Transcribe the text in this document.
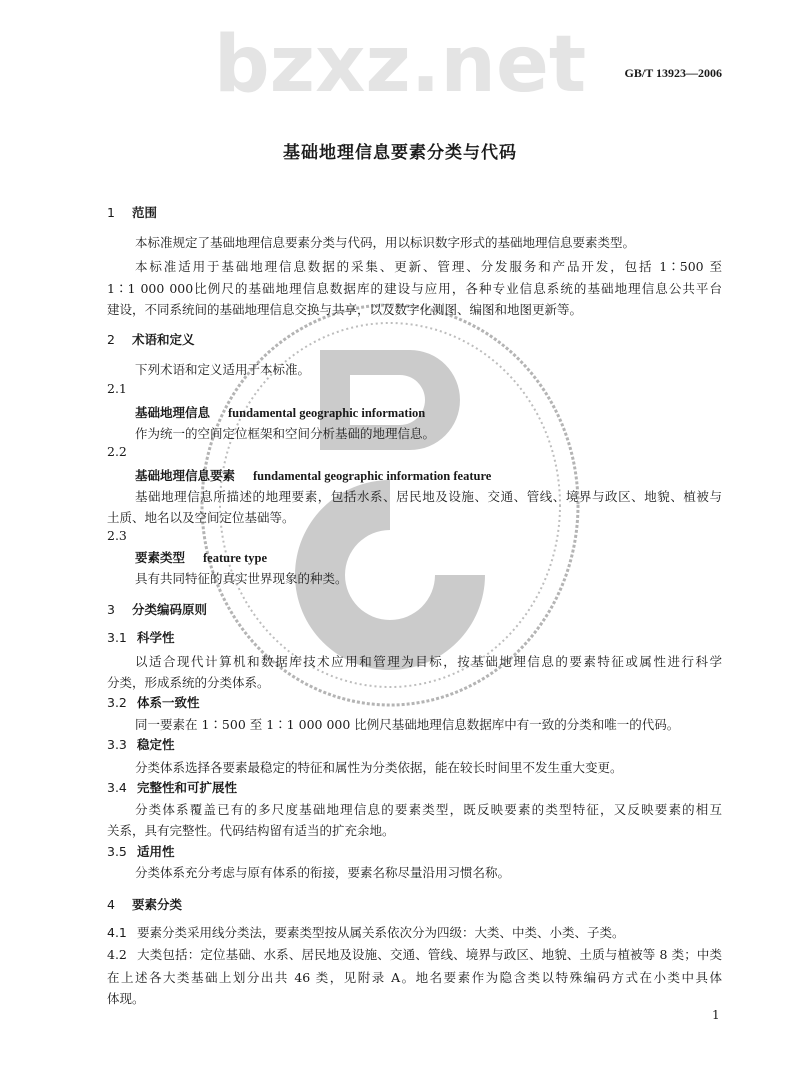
bzxz.net	GB/T 13923—2006
基础地理信息要素分类与代码
1 范围
本标准规定了基础地理信息要素分类与代码，用以标识数字形式的基础地理信息要素类型。
本标准适用于基础地理信息数据的采集、更新、管理、分发服务和产品开发，包括 1∶500 至
1∶1 000 000比例尺的基础地理信息数据库的建设与应用，各种专业信息系统的基础地理信息公共平台
建设，不同系统间的基础地理信息交换与共享，以及数字化测图、编图和地图更新等。
2 术语和定义
下列术语和定义适用于本标准。
2.1
基础地理信息 fundamental geographic information
作为统一的空间定位框架和空间分析基础的地理信息。
2.2
基础地理信息要素 fundamental geographic information feature
基础地理信息所描述的地理要素，包括水系、居民地及设施、交通、管线、境界与政区、地貌、植被与
土质、地名以及空间定位基础等。
2.3
要素类型 feature type
具有共同特征的真实世界现象的种类。
3 分类编码原则
3.1 科学性
以适合现代计算机和数据库技术应用和管理为目标，按基础地理信息的要素特征或属性进行科学
分类，形成系统的分类体系。
3.2 体系一致性
同一要素在 1∶500 至 1∶1 000 000 比例尺基础地理信息数据库中有一致的分类和唯一的代码。
3.3 稳定性
分类体系选择各要素最稳定的特征和属性为分类依据，能在较长时间里不发生重大变更。
3.4 完整性和可扩展性
分类体系覆盖已有的多尺度基础地理信息的要素类型，既反映要素的类型特征，又反映要素的相互
关系，具有完整性。代码结构留有适当的扩充余地。
3.5 适用性
分类体系充分考虑与原有体系的衔接，要素名称尽量沿用习惯名称。
4 要素分类
4.1 要素分类采用线分类法，要素类型按从属关系依次分为四级：大类、中类、小类、子类。
4.2 大类包括：定位基础、水系、居民地及设施、交通、管线、境界与政区、地貌、土质与植被等 8 类；中类
在上述各大类基础上划分出共 46 类，见附录 A。地名要素作为隐含类以特殊编码方式在小类中具体
体现。
1
